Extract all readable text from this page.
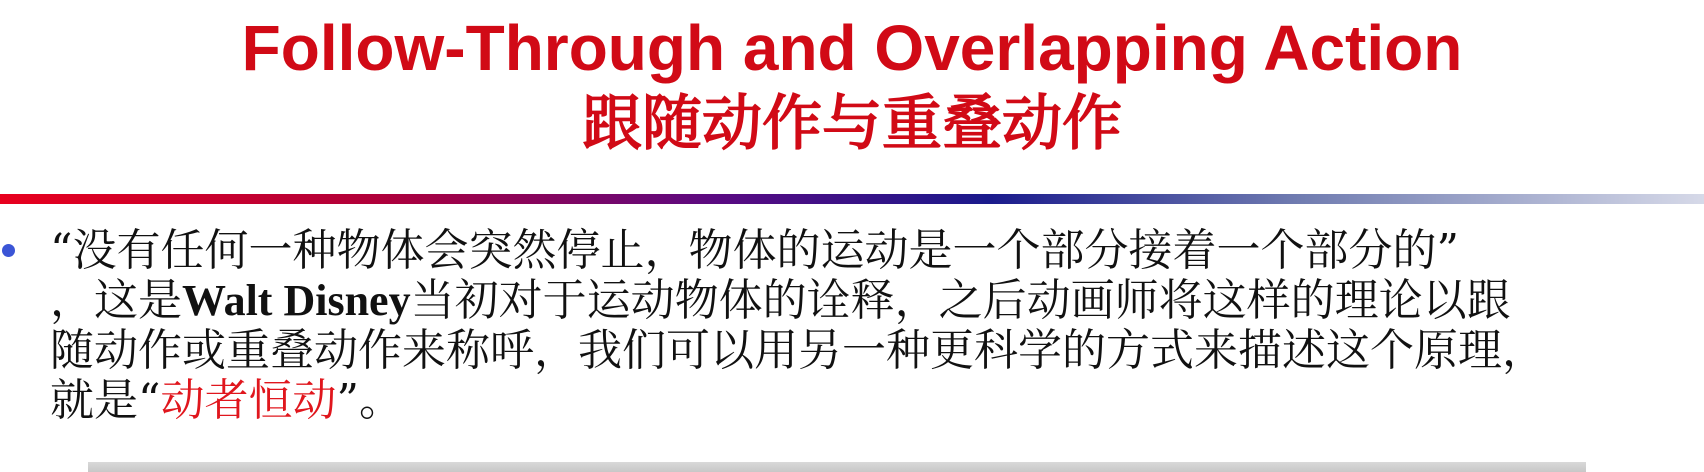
Follow-Through and Overlapping Action
跟随动作与重叠动作
“没有任何一种物体会突然停止，物体的运动是一个部分接着一个部分的”
，这是Walt Disney当初对于运动物体的诠释，之后动画师将这样的理论以跟
随动作或重叠动作来称呼，我们可以用另一种更科学的方式来描述这个原理，
就是“动者恒动”。
